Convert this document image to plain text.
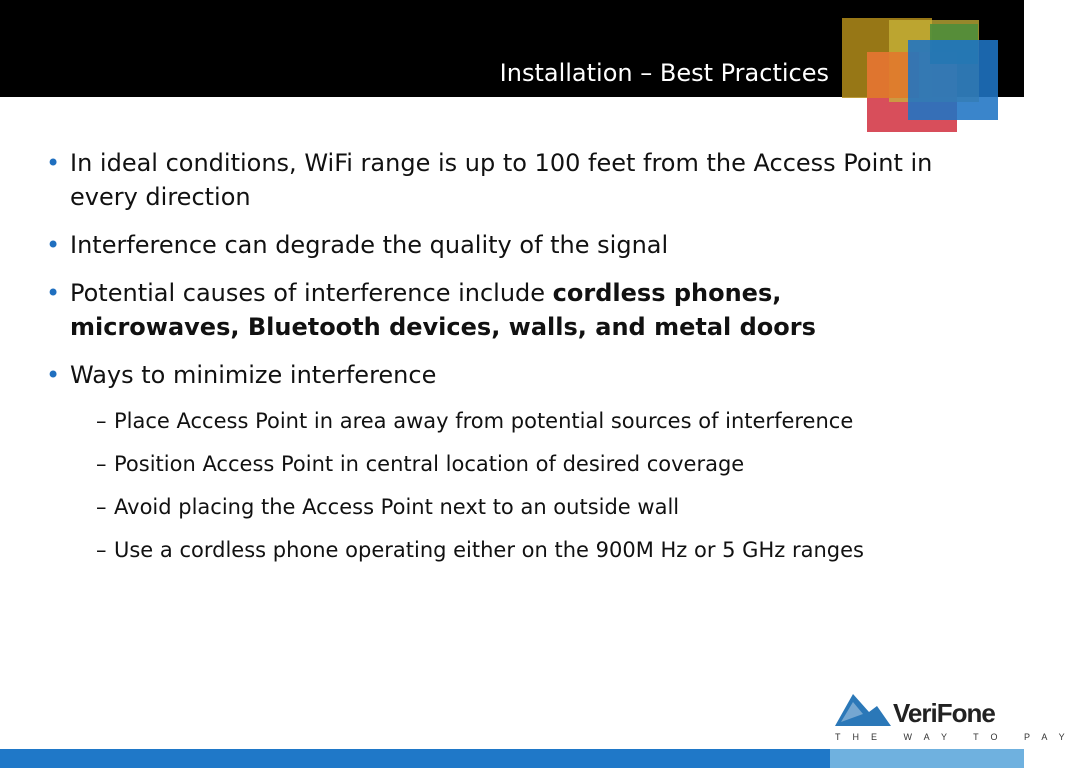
Installation – Best Practices
• In ideal conditions, WiFi range is up to 100 feet from the Access Point in every direction
• Interference can degrade the quality of the signal
• Potential causes of interference include cordless phones, microwaves, Bluetooth devices, walls, and metal doors
• Ways to minimize interference
– Place Access Point in area away from potential sources of interference
– Position Access Point in central location of desired coverage
– Avoid placing the Access Point next to an outside wall
– Use a cordless phone operating either on the 900M Hz or 5 GHz ranges
VeriFone
THE WAY TO PAY
